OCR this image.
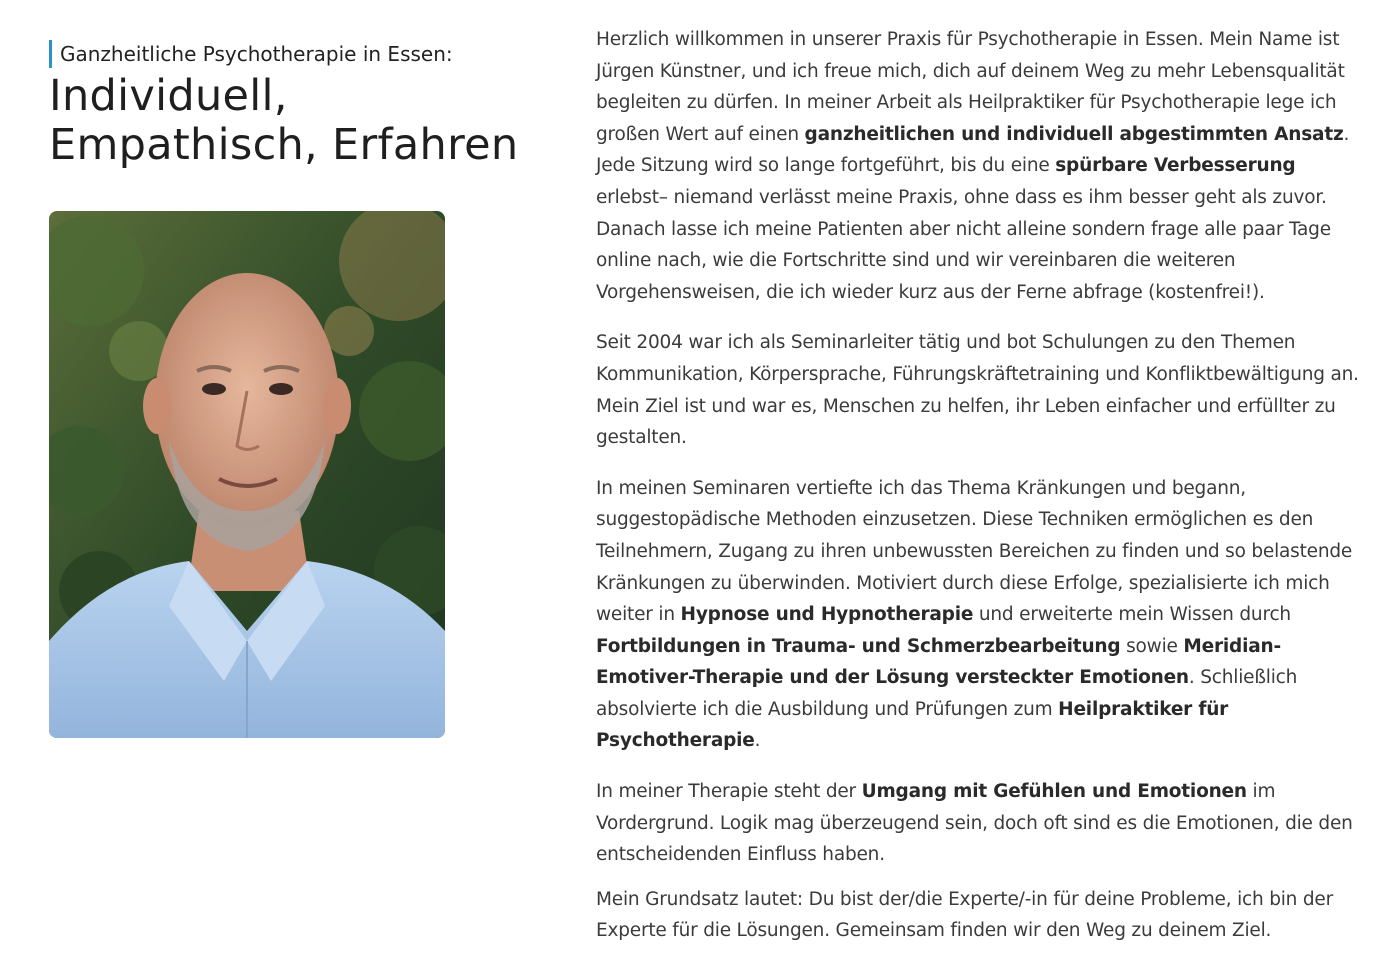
Ganzheitliche Psychotherapie in Essen:

Individuell,
Empathisch, Erfahren

Herzlich willkommen in unserer Praxis für Psychotherapie in Essen. Mein Name ist Jürgen Künstner, und ich freue mich, dich auf deinem Weg zu mehr Lebensqualität begleiten zu dürfen. In meiner Arbeit als Heilpraktiker für Psychotherapie lege ich großen Wert auf einen ganzheitlichen und individuell abgestimmten Ansatz. Jede Sitzung wird so lange fortgeführt, bis du eine spürbare Verbesserung erlebst– niemand verlässt meine Praxis, ohne dass es ihm besser geht als zuvor. Danach lasse ich meine Patienten aber nicht alleine sondern frage alle paar Tage online nach, wie die Fortschritte sind und wir vereinbaren die weiteren Vorgehensweisen, die ich wieder kurz aus der Ferne abfrage (kostenfrei!).

Seit 2004 war ich als Seminarleiter tätig und bot Schulungen zu den Themen Kommunikation, Körpersprache, Führungskräftetraining und Konfliktbewältigung an. Mein Ziel ist und war es, Menschen zu helfen, ihr Leben einfacher und erfüllter zu gestalten.

In meinen Seminaren vertiefte ich das Thema Kränkungen und begann, suggestopädische Methoden einzusetzen. Diese Techniken ermöglichen es den Teilnehmern, Zugang zu ihren unbewussten Bereichen zu finden und so belastende Kränkungen zu überwinden. Motiviert durch diese Erfolge, spezialisierte ich mich weiter in Hypnose und Hypnotherapie und erweiterte mein Wissen durch Fortbildungen in Trauma- und Schmerzbearbeitung sowie Meridian-Emotiver-Therapie und der Lösung versteckter Emotionen. Schließlich absolvierte ich die Ausbildung und Prüfungen zum Heilpraktiker für Psychotherapie.

In meiner Therapie steht der Umgang mit Gefühlen und Emotionen im Vordergrund. Logik mag überzeugend sein, doch oft sind es die Emotionen, die den entscheidenden Einfluss haben.

Mein Grundsatz lautet: Du bist der/die Experte/-in für deine Probleme, ich bin der Experte für die Lösungen. Gemeinsam finden wir den Weg zu deinem Ziel.
